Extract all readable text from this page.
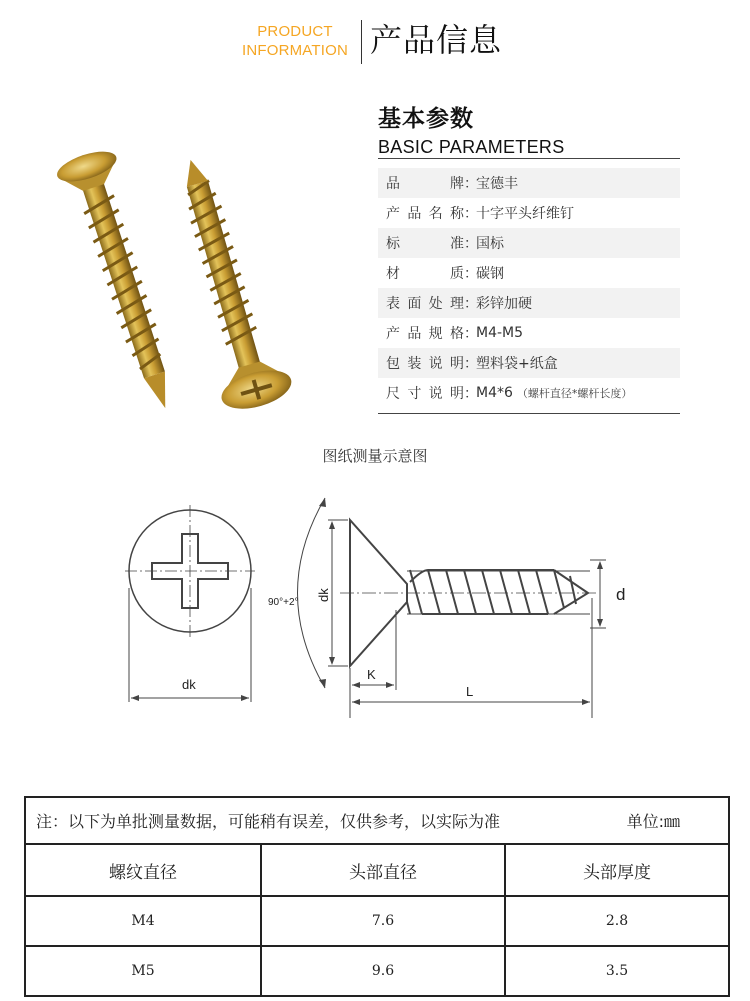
PRODUCT
INFORMATION 产品信息
基本参数
BASIC PARAMETERS
品牌 ：
宝德丰
产品名称 ：
十字平头纤维钉
标准 ：
国标
材质 ：
碳钢
表面处理 ：
彩锌加硬
产品规格 ：
M4-M5
包装说明 ：
塑料袋+纸盒
尺寸说明 ：
M4*6 （螺杆直径*螺杆长度）
图纸测量示意图
dk
90°+2°
dk
K
L
d
注：以下为单批测量数据，可能稍有误差，仅供参考，以实际为准 单位:㎜		

螺纹直径	头部直径	头部厚度
M4	7.6	2.8
M5	9.6	3.5
